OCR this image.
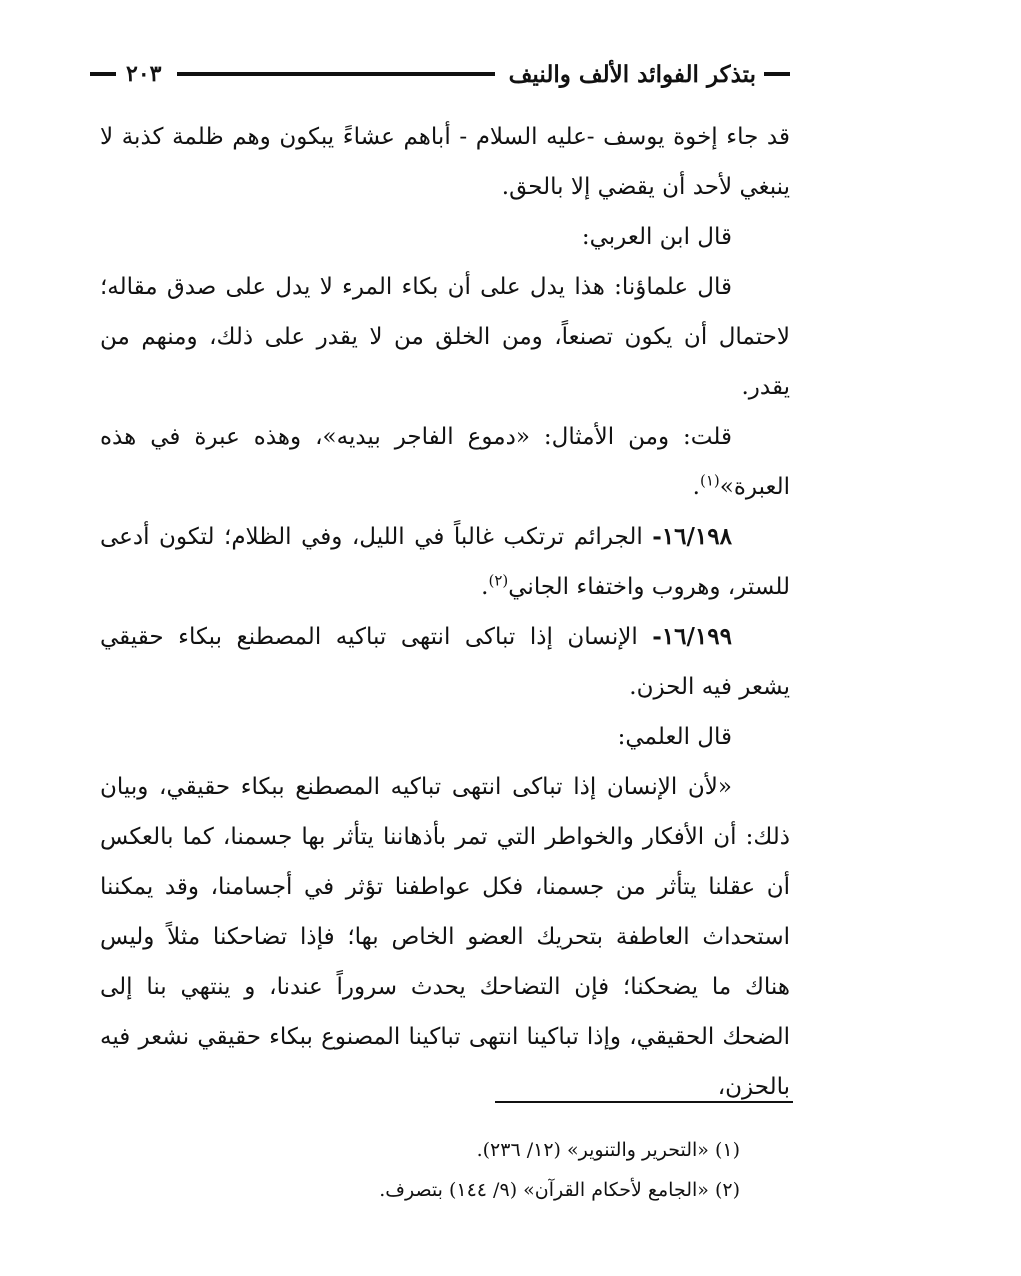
بتذكر الفوائد الألف والنيف
٢٠٣

قد جاء إخوة يوسف -عليه السلام - أباهم عشاءً يبكون وهم ظلمة كذبة لا ينبغي لأحد أن يقضي إلا بالحق.

قال ابن العربي:

قال علماؤنا: هذا يدل على أن بكاء المرء لا يدل على صدق مقاله؛ لاحتمال أن يكون تصنعاً، ومن الخلق من لا يقدر على ذلك، ومنهم من يقدر.

قلت: ومن الأمثال: «دموع الفاجر بيديه»، وهذه عبرة في هذه العبرة»$^{(١)}$.

١٦/١٩٨- الجرائم ترتكب غالباً في الليل، وفي الظلام؛ لتكون أدعى للستر، وهروب واختفاء الجاني$^{(٢)}$.

١٦/١٩٩- الإنسان إذا تباكى انتهى تباكيه المصطنع ببكاء حقيقي يشعر فيه الحزن.

قال العلمي:

«لأن الإنسان إذا تباكى انتهى تباكيه المصطنع ببكاء حقيقي، وبيان ذلك: أن الأفكار والخواطر التي تمر بأذهاننا يتأثر بها جسمنا، كما بالعكس أن عقلنا يتأثر من جسمنا، فكل عواطفنا تؤثر في أجسامنا، وقد يمكننا استحداث العاطفة بتحريك العضو الخاص بها؛ فإذا تضاحكنا مثلاً وليس هناك ما يضحكنا؛ فإن التضاحك يحدث سروراً عندنا، و ينتهي بنا إلى الضحك الحقيقي، وإذا تباكينا انتهى تباكينا المصنوع ببكاء حقيقي نشعر فيه بالحزن،

(١) «التحرير والتنوير» (١٢/ ٢٣٦).

(٢) «الجامع لأحكام القرآن» (٩/ ١٤٤) بتصرف.
